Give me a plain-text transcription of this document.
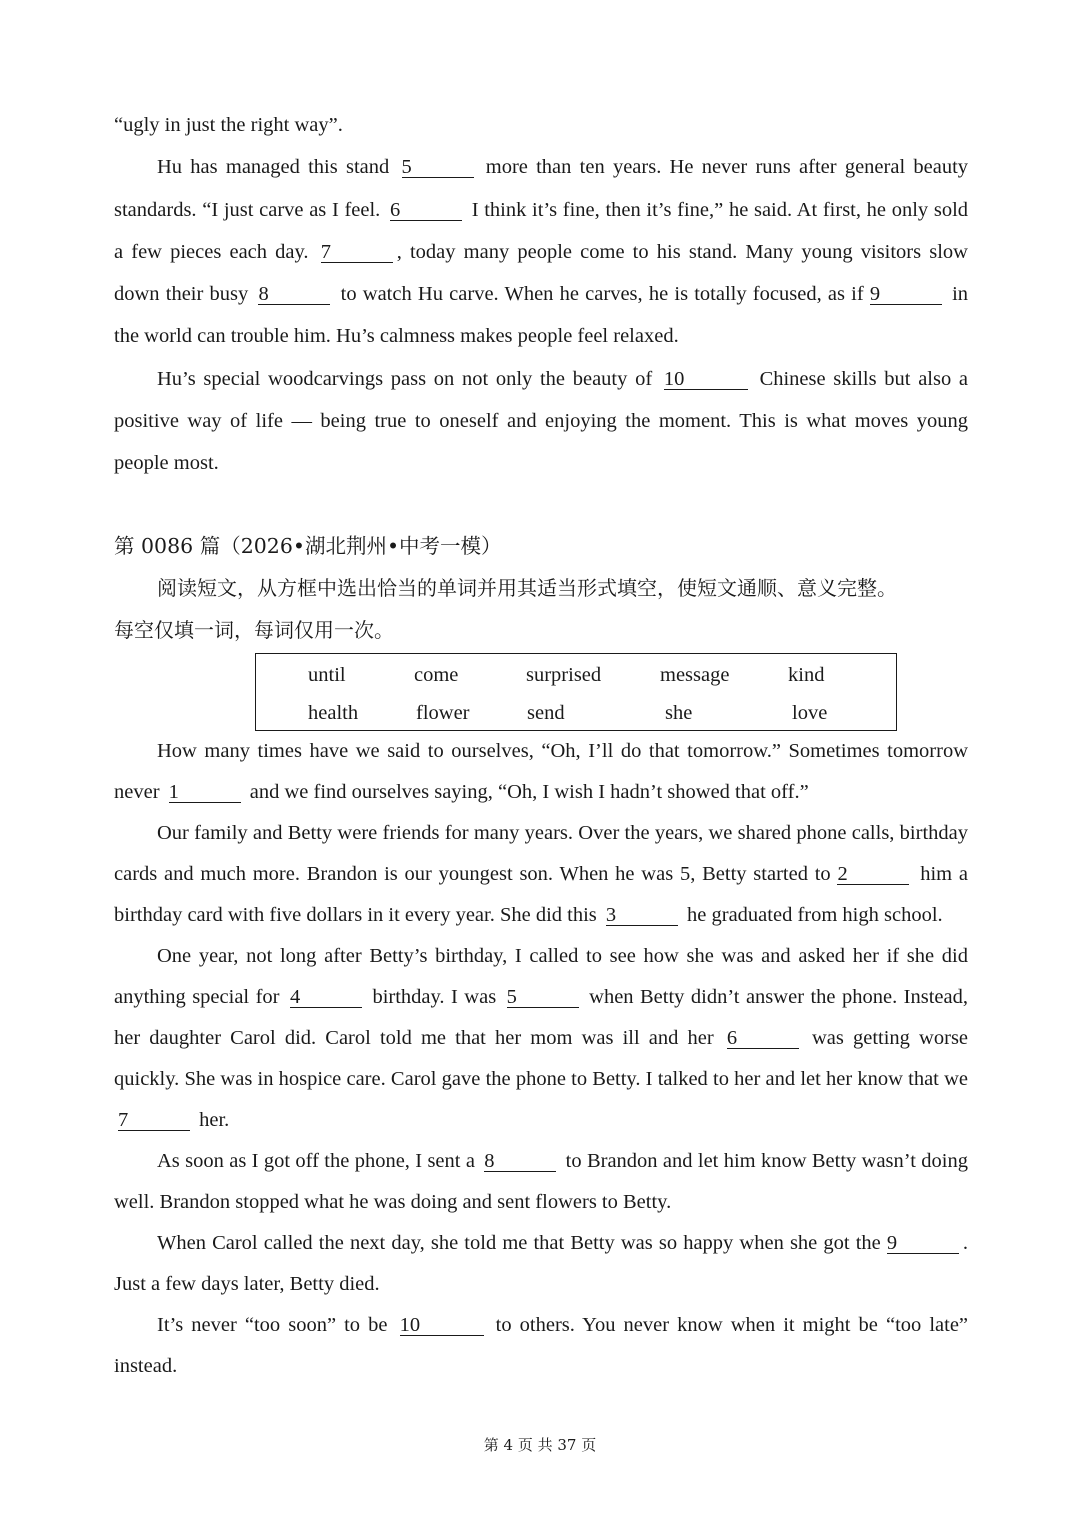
“ugly in just the right way”.

Hu has managed this stand 5	more than ten years. He never runs after general beauty standards. “I just carve as I feel. 6	I think it’s fine, then it’s fine,” he said. At first, he only sold a few pieces each day. 7	, today many people come to his stand. Many young visitors slow down their busy 8	to watch Hu carve. When he carves, he is totally focused, as if 9	in the world can trouble him. Hu’s calmness makes people feel relaxed.

Hu’s special woodcarvings pass on not only the beauty of 10	Chinese skills but also a positive way of life — being true to oneself and enjoying the moment. This is what moves young people most.

第 0086 篇（2026•湖北荆州•中考一模）

阅读短文，从方框中选出恰当的单词并用其适当形式填空，使短文通顺、意义完整。

每空仅填一词，每词仅用一次。

until	come	surprised	message	kind
health	flower	send	she	love

How many times have we said to ourselves, “Oh, I’ll do that tomorrow.” Sometimes tomorrow never 1	and we find ourselves saying, “Oh, I wish I hadn’t showed that off.”

Our family and Betty were friends for many years. Over the years, we shared phone calls, birthday cards and much more. Brandon is our youngest son. When he was 5, Betty started to 2	him a birthday card with five dollars in it every year. She did this 3	he graduated from high school.

One year, not long after Betty’s birthday, I called to see how she was and asked her if she did anything special for 4	birthday. I was 5	when Betty didn’t answer the phone. Instead, her daughter Carol did. Carol told me that her mom was ill and her 6	was getting worse quickly. She was in hospice care. Carol gave the phone to Betty. I talked to her and let her know that we 7	her.

As soon as I got off the phone, I sent a 8	to Brandon and let him know Betty wasn’t doing well. Brandon stopped what he was doing and sent flowers to Betty.

When Carol called the next day, she told me that Betty was so happy when she got the 9	. Just a few days later, Betty died.

It’s never “too soon” to be 10	to others. You never know when it might be “too late” instead.

第 4 页 共 37 页
